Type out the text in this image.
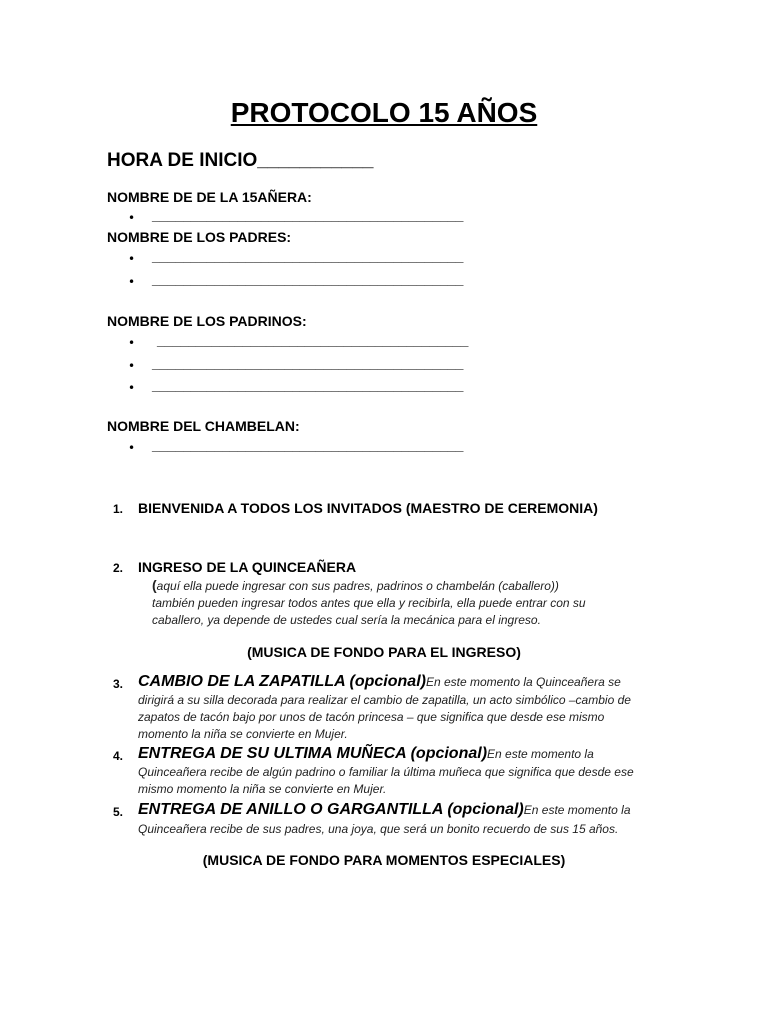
PROTOCOLO 15 AÑOS
HORA DE INICIO___________
NOMBRE DE DE LA 15AÑERA:
• ________________________________________
NOMBRE DE LOS PADRES:
• ________________________________________
• ________________________________________
NOMBRE DE LOS PADRINOS:
• ________________________________________
• ________________________________________
• ________________________________________
NOMBRE DEL CHAMBELAN:
• ________________________________________
1. BIENVENIDA A TODOS LOS INVITADOS (MAESTRO DE CEREMONIA)
2. INGRESO DE LA QUINCEAÑERA
(aquí ella puede ingresar con sus padres, padrinos o chambelán (caballero))
también pueden ingresar todos antes que ella y recibirla, ella puede entrar con su
caballero, ya depende de ustedes cual sería la mecánica para el ingreso.
(MUSICA DE FONDO PARA EL INGRESO)
3. CAMBIO DE LA ZAPATILLA (opcional)En este momento la Quinceañera se
dirigirá a su silla decorada para realizar el cambio de zapatilla, un acto simbólico –cambio de
zapatos de tacón bajo por unos de tacón princesa – que significa que desde ese mismo
momento la niña se convierte en Mujer.
4. ENTREGA DE SU ULTIMA MUÑECA (opcional)En este momento la
Quinceañera recibe de algún padrino o familiar la última muñeca que significa que desde ese
mismo momento la niña se convierte en Mujer.
5. ENTREGA DE ANILLO O GARGANTILLA (opcional)En este momento la
Quinceañera recibe de sus padres, una joya, que será un bonito recuerdo de sus 15 años.
(MUSICA DE FONDO PARA MOMENTOS ESPECIALES)
